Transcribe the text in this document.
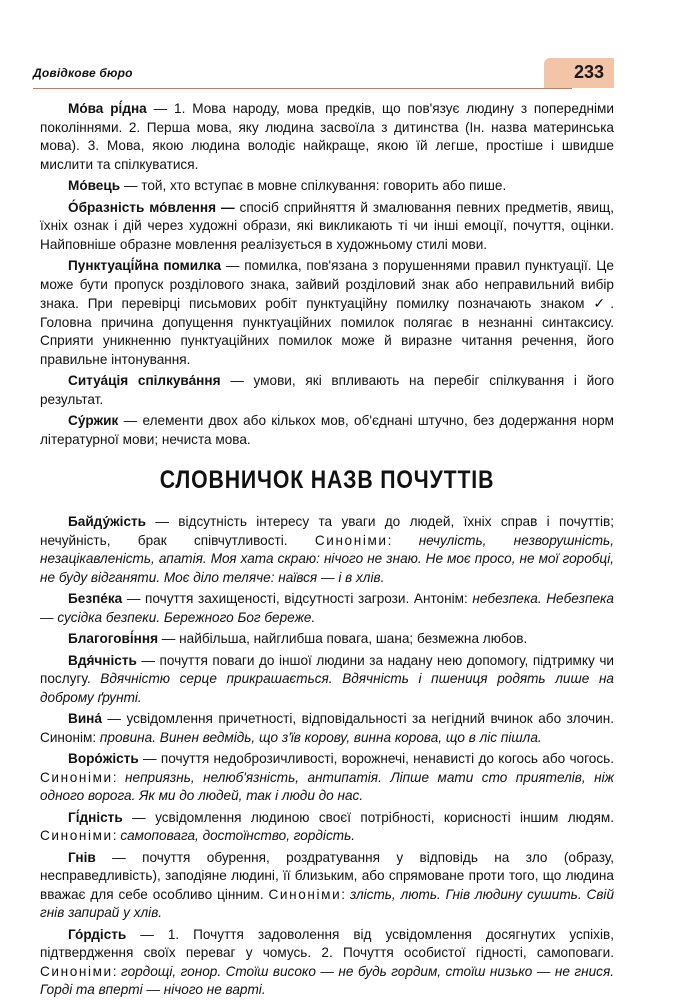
Довідкове бюро	233

Мо́ва рі́дна — 1. Мова народу, мова предків, що пов'язує людину з попередніми поколіннями. 2. Перша мова, яку людина засвоїла з дитинства (Ін. назва материнська мова). 3. Мова, якою людина володіє найкраще, якою їй легше, простіше і швидше мислити та спілкуватися.

Мо́вець — той, хто вступає в мовне спілкування: говорить або пише.

О́бразність мо́влення — спосіб сприйняття й змалювання певних предметів, явищ, їхніх ознак і дій через художні образи, які викликають ті чи інші емоції, почуття, оцінки. Найповніше образне мовлення реалізується в художньому стилі мови.

Пунктуаці́йна помилка — помилка, пов'язана з порушеннями правил пунктуації. Це може бути пропуск розділового знака, зайвий розділовий знак або неправильний вибір знака. При перевірці письмових робіт пунктуаційну помилку позначають знаком ✓. Головна причина допущення пунктуаційних помилок полягає в незнанні синтаксису. Сприяти уникненню пунктуаційних помилок може й виразне читання речення, його правильне інтонування.

Ситуа́ція спілкува́ння — умови, які впливають на перебіг спілкування і його результат.

Су́ржик — елементи двох або кількох мов, об'єднані штучно, без додержання норм літературної мови; нечиста мова.

СЛОВНИЧОК НАЗВ ПОЧУТТІВ

Байду́жість — відсутність інтересу та уваги до людей, їхніх справ і почуттів; нечуйність, брак співчутливості. Синоніми: нечулість, незворушність, незацікавленість, апатія. Моя хата скраю: нічого не знаю. Не моє просо, не мої горобці, не буду відганяти. Моє діло теляче: наївся — і в хлів.

Безпе́ка — почуття захищеності, відсутності загрози. Антонім: небезпека. Небезпека — сусідка безпеки. Бережного Бог береже.

Благогові́ння — найбільша, найглибша повага, шана; безмежна любов.

Вдя́чність — почуття поваги до іншої людини за надану нею допомогу, підтримку чи послугу. Вдячністю серце прикрашається. Вдячність і пшениця родять лише на доброму ґрунті.

Вина́ — усвідомлення причетності, відповідальності за негідний вчинок або злочин. Синонім: провина. Винен ведмідь, що з'їв корову, винна корова, що в ліс пішла.

Воро́жість — почуття недоброзичливості, ворожнечі, ненависті до когось або чогось. Синоніми: неприязнь, нелюб'язність, антипатія. Ліпше мати сто приятелів, ніж одного ворога. Як ми до людей, так і люди до нас.

Гі́дність — усвідомлення людиною своєї потрібності, корисності іншим людям. Синоніми: самоповага, достоїнство, гордість.

Гнів — почуття обурення, роздратування у відповідь на зло (образу, несправедливість), заподіяне людині, її близьким, або спрямоване проти того, що людина вважає для себе особливо цінним. Синоніми: злість, лють. Гнів людину сушить. Свій гнів запирай у хлів.

Го́рдість — 1. Почуття задоволення від усвідомлення досягнутих успіхів, підтвердження своїх переваг у чомусь. 2. Почуття особистої гідності, самоповаги. Синоніми: гордощі, гонор. Стоїш високо — не будь гордим, стоїш низько — не гнися. Горді та вперті — нічого не варті.
